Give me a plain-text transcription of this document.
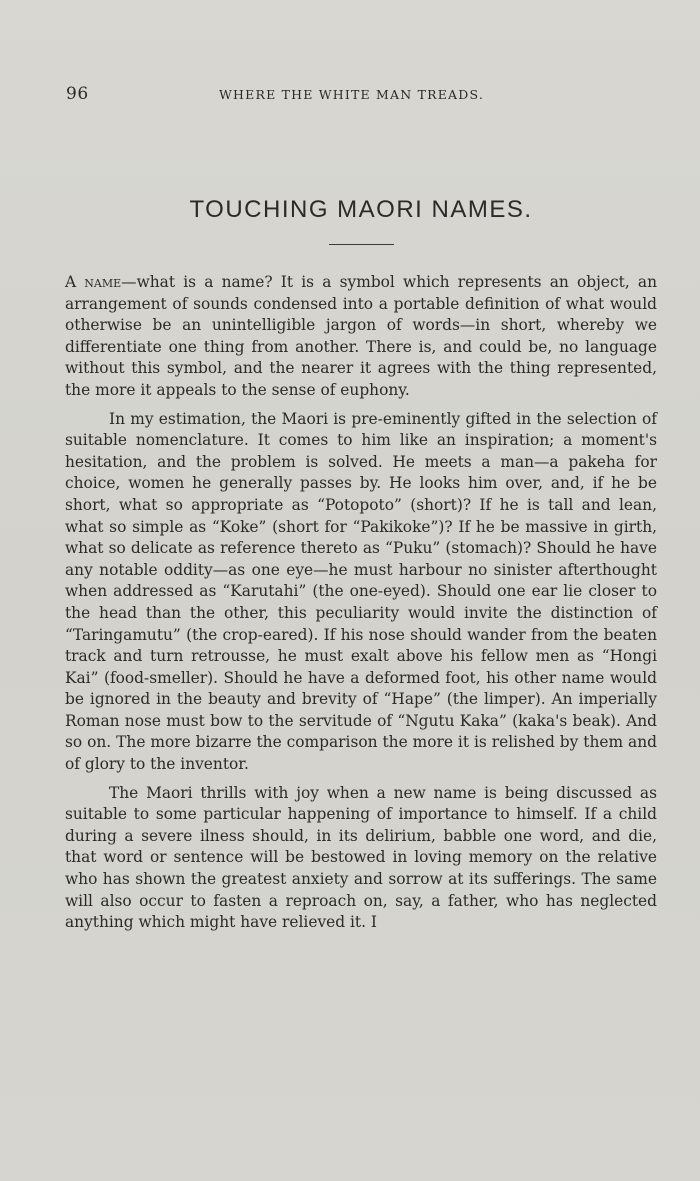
96	WHERE THE WHITE MAN TREADS.
TOUCHING MAORI NAMES.

A name—what is a name? It is a symbol which represents an object, an arrangement of sounds condensed into a portable definition of what would otherwise be an unintelligible jargon of words—in short, whereby we differentiate one thing from another. There is, and could be, no language without this symbol, and the nearer it agrees with the thing represented, the more it appeals to the sense of euphony.

In my estimation, the Maori is pre-eminently gifted in the selection of suitable nomenclature. It comes to him like an inspiration; a moment's hesitation, and the problem is solved. He meets a man—a pakeha for choice, women he generally passes by. He looks him over, and, if he be short, what so appropriate as “Potopoto” (short)? If he is tall and lean, what so simple as “Koke” (short for “Pakikoke”)? If he be massive in girth, what so delicate as reference thereto as “Puku” (stomach)? Should he have any notable oddity—as one eye—he must harbour no sinister afterthought when addressed as “Karutahi” (the one-eyed). Should one ear lie closer to the head than the other, this peculiarity would invite the distinction of “Taringamutu” (the crop-eared). If his nose should wander from the beaten track and turn retrousse, he must exalt above his fellow men as “Hongi Kai” (food-smeller). Should he have a deformed foot, his other name would be ignored in the beauty and brevity of “Hape” (the limper). An imperially Roman nose must bow to the servitude of “Ngutu Kaka” (kaka's beak). And so on. The more bizarre the comparison the more it is relished by them and of glory to the inventor.

The Maori thrills with joy when a new name is being discussed as suitable to some particular happening of importance to himself. If a child during a severe ilness should, in its delirium, babble one word, and die, that word or sentence will be bestowed in loving memory on the relative who has shown the greatest anxiety and sorrow at its sufferings. The same will also occur to fasten a reproach on, say, a father, who has neglected anything which might have relieved it. I
